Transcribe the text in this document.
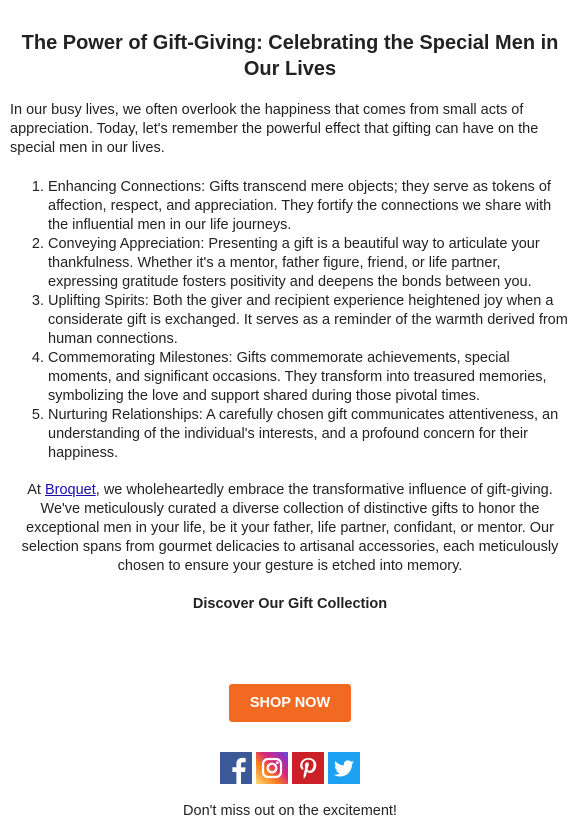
The Power of Gift-Giving: Celebrating the Special Men in Our Lives

In our busy lives, we often overlook the happiness that comes from small acts of appreciation. Today, let's remember the powerful effect that gifting can have on the special men in our lives.

1. Enhancing Connections: Gifts transcend mere objects; they serve as tokens of affection, respect, and appreciation. They fortify the connections we share with the influential men in our life journeys.
2. Conveying Appreciation: Presenting a gift is a beautiful way to articulate your thankfulness. Whether it's a mentor, father figure, friend, or life partner, expressing gratitude fosters positivity and deepens the bonds between you.
3. Uplifting Spirits: Both the giver and recipient experience heightened joy when a considerate gift is exchanged. It serves as a reminder of the warmth derived from human connections.
4. Commemorating Milestones: Gifts commemorate achievements, special moments, and significant occasions. They transform into treasured memories, symbolizing the love and support shared during those pivotal times.
5. Nurturing Relationships: A carefully chosen gift communicates attentiveness, an understanding of the individual's interests, and a profound concern for their happiness.

At Broquet, we wholeheartedly embrace the transformative influence of gift-giving. We've meticulously curated a diverse collection of distinctive gifts to honor the exceptional men in your life, be it your father, life partner, confidant, or mentor. Our selection spans from gourmet delicacies to artisanal accessories, each meticulously chosen to ensure your gesture is etched into memory.

Discover Our Gift Collection

SHOP NOW

Don't miss out on the excitement!
